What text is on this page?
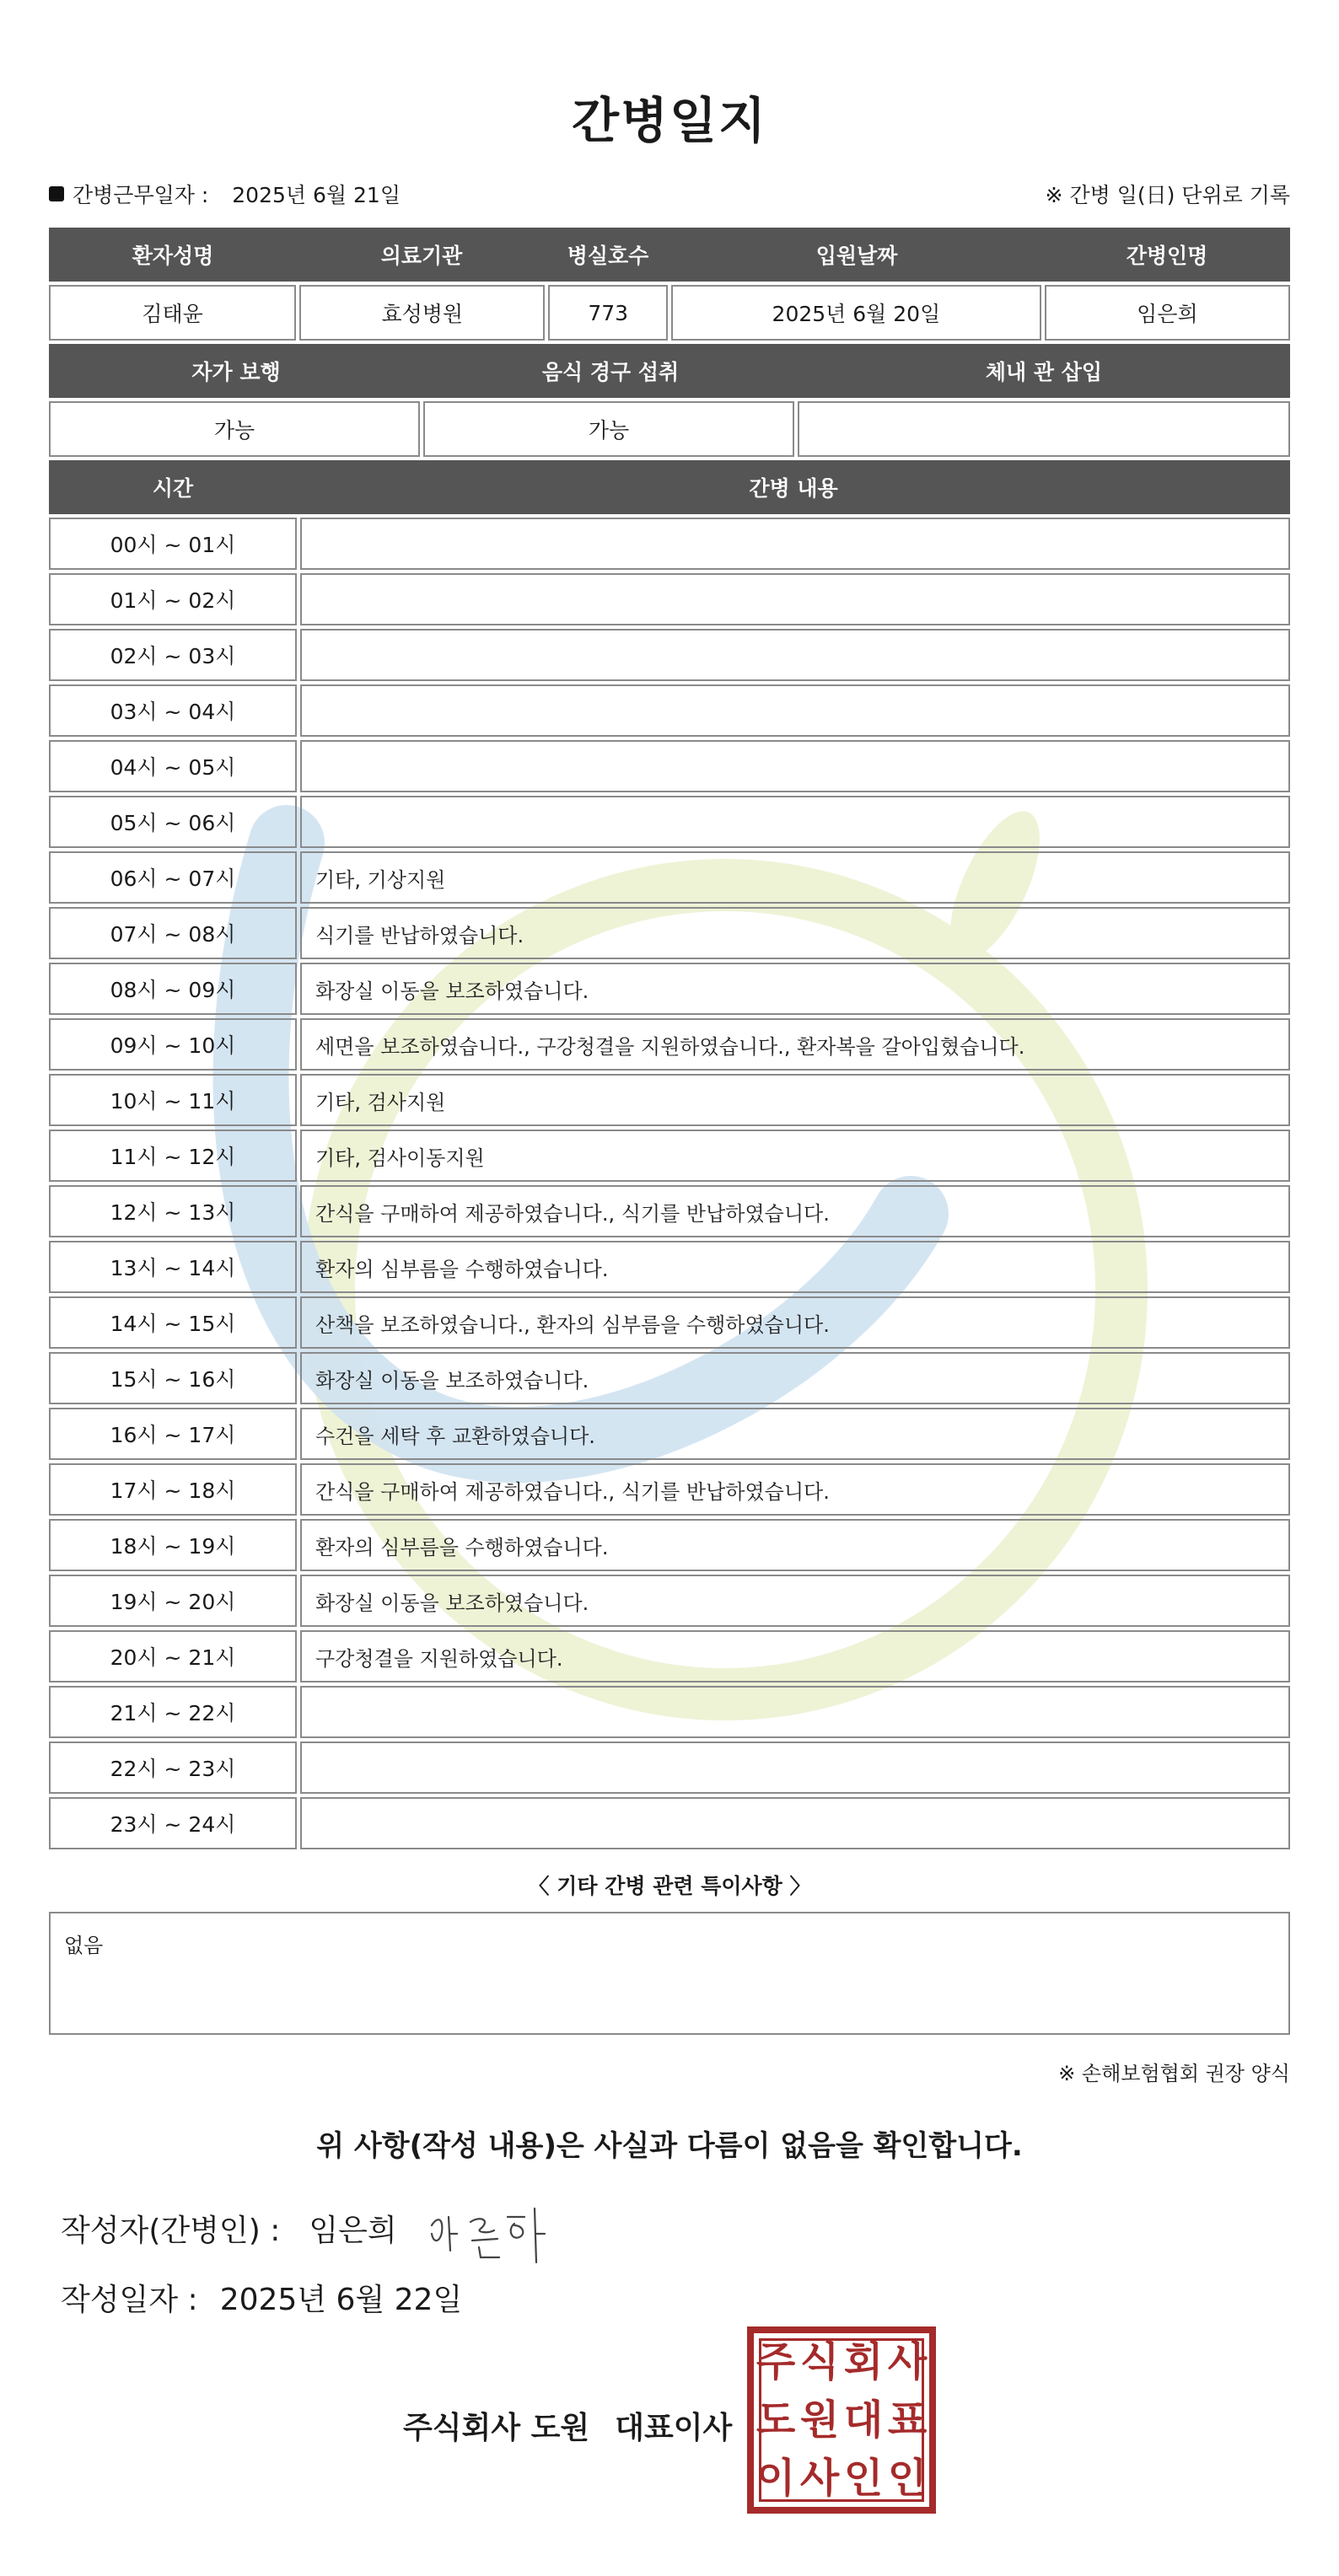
간병일지
간병근무일자 : 2025년 6월 21일	※ 간병 일(日) 단위로 기록
환자성명	의료기관	병실호수	입원날짜	간병인명
김태윤	효성병원	773	2025년 6월 20일	임은희
자가 보행	음식 경구 섭취	체내 관 삽입
가능	가능
시간	간병 내용
00시 ~ 01시
01시 ~ 02시
02시 ~ 03시
03시 ~ 04시
04시 ~ 05시
05시 ~ 06시
06시 ~ 07시	기타, 기상지원
07시 ~ 08시	식기를 반납하였습니다.
08시 ~ 09시	화장실 이동을 보조하였습니다.
09시 ~ 10시	세면을 보조하였습니다., 구강청결을 지원하였습니다., 환자복을 갈아입혔습니다.
10시 ~ 11시	기타, 검사지원
11시 ~ 12시	기타, 검사이동지원
12시 ~ 13시	간식을 구매하여 제공하였습니다., 식기를 반납하였습니다.
13시 ~ 14시	환자의 심부름을 수행하였습니다.
14시 ~ 15시	산책을 보조하였습니다., 환자의 심부름을 수행하였습니다.
15시 ~ 16시	화장실 이동을 보조하였습니다.
16시 ~ 17시	수건을 세탁 후 교환하였습니다.
17시 ~ 18시	간식을 구매하여 제공하였습니다., 식기를 반납하였습니다.
18시 ~ 19시	환자의 심부름을 수행하였습니다.
19시 ~ 20시	화장실 이동을 보조하였습니다.
20시 ~ 21시	구강청결을 지원하였습니다.
21시 ~ 22시
22시 ~ 23시
23시 ~ 24시
〈 기타 간병 관련 특이사항 〉
없음
※ 손해보험협회 권장 양식
위 사항(작성 내용)은 사실과 다름이 없음을 확인합니다.
작성자(간병인) : 임은희
작성일자 : 2025년 6월 22일
주식회사 도원 대표이사
주 식 회 사
도 원 대 표
이 사 인 인
